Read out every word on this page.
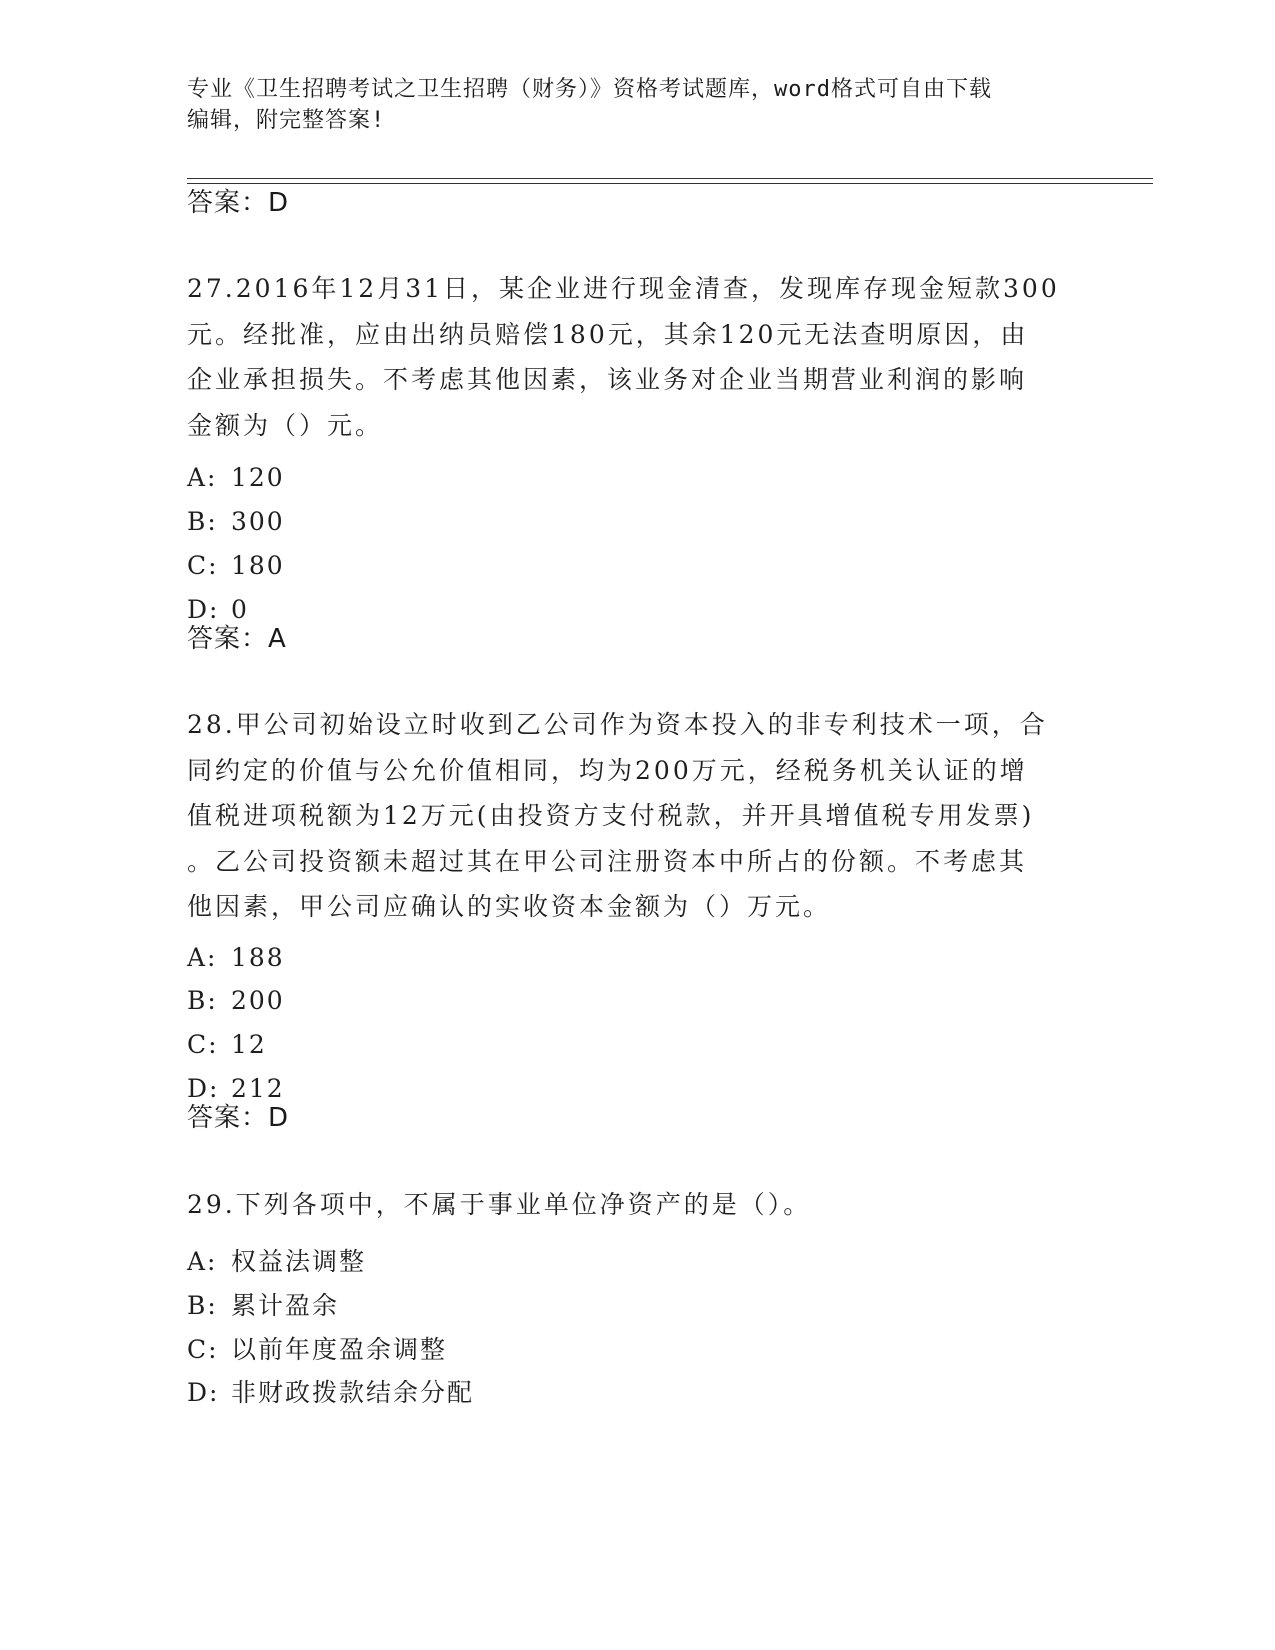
专业《卫生招聘考试之卫生招聘（财务）》资格考试题库，word格式可自由下载
编辑，附完整答案!
答案：D
27.2016年12月31日，某企业进行现金清查，发现库存现金短款300
元。经批准，应由出纳员赔偿180元，其余120元无法查明原因，由
企业承担损失。不考虑其他因素，该业务对企业当期营业利润的影响
金额为（）元。
A: 120
B: 300
C: 180
D: 0
答案：A
28.甲公司初始设立时收到乙公司作为资本投入的非专利技术一项，合
同约定的价值与公允价值相同，均为200万元，经税务机关认证的增
值税进项税额为12万元(由投资方支付税款，并开具增值税专用发票)
。乙公司投资额未超过其在甲公司注册资本中所占的份额。不考虑其
他因素，甲公司应确认的实收资本金额为（）万元。
A: 188
B: 200
C: 12
D: 212
答案：D
29.下列各项中，不属于事业单位净资产的是（）。
A: 权益法调整
B: 累计盈余
C: 以前年度盈余调整
D: 非财政拨款结余分配
